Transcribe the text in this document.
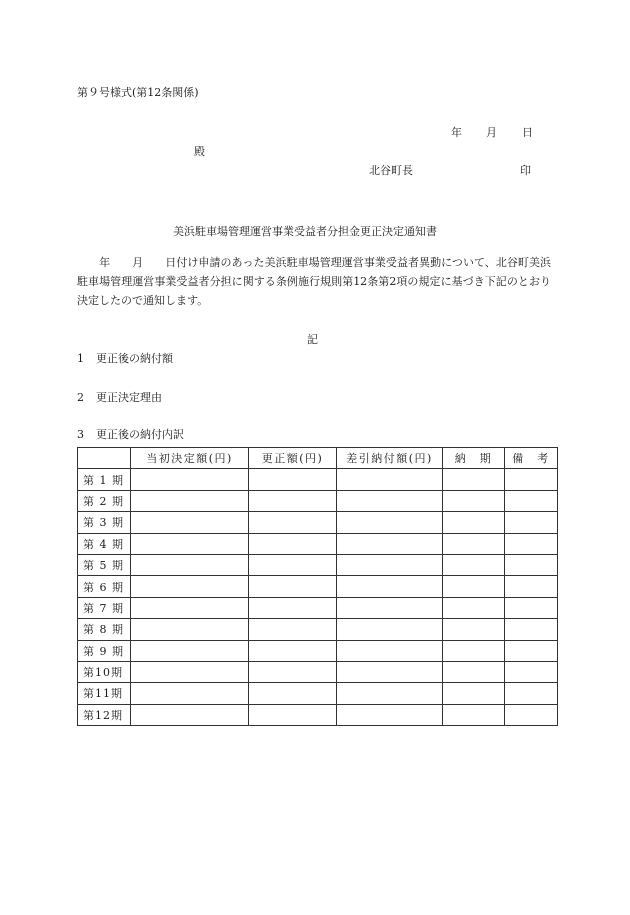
第９号様式(第12条関係)
年 月 日
殿
北谷町長	印
美浜駐車場管理運営事業受益者分担金更正決定通知書
　　年　　月　　日付け申請のあった美浜駐車場管理運営事業受益者異動について、北谷町美浜駐車場管理運営事業受益者分担に関する条例施行規則第12条第2項の規定に基づき下記のとおり決定したので通知します。
記
1 更正後の納付額
2 更正決定理由
3 更正後の納付内訳
	当初決定額(円)	更正額(円)	差引納付額(円)	納　期	備　考
第 1 期					
第 2 期					
第 3 期					
第 4 期					
第 5 期					
第 6 期					
第 7 期					
第 8 期					
第 9 期					
第10期					
第11期					
第12期					
